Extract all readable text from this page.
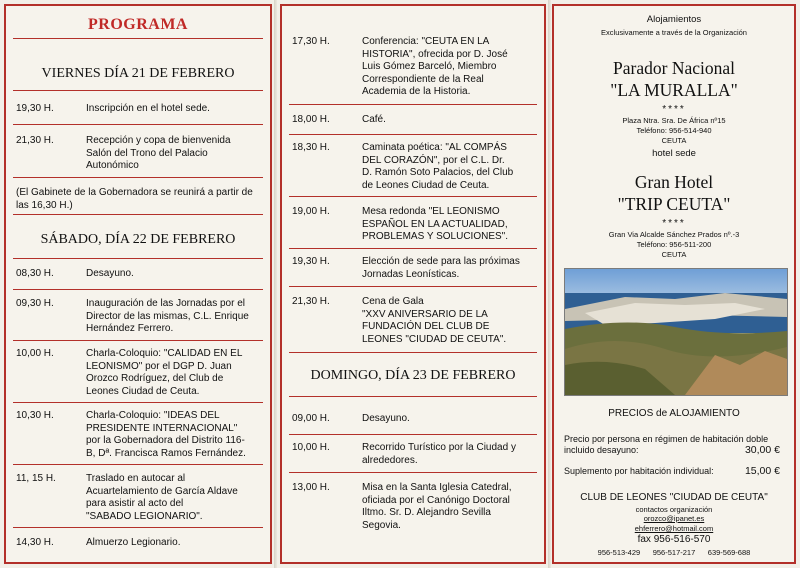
PROGRAMA
VIERNES DÍA 21 DE FEBRERO
19,30 H.	Inscripción en el hotel sede.
21,30 H.	Recepción y copa de bienvenida
Salón del Trono del Palacio
Autonómico
(El Gabinete de la Gobernadora se reunirá a partir de
las 16,30 H.)
SÁBADO, DÍA 22 DE FEBRERO
08,30 H.	Desayuno.
09,30 H.	Inauguración de las Jornadas por el
Director de las mismas, C.L. Enrique
Hernández Ferrero.
10,00 H.	Charla-Coloquio: "CALIDAD EN EL
LEONISMO" por el DGP D. Juan
Orozco Rodríguez, del Club de
Leones Ciudad de Ceuta.
10,30 H.	Charla-Coloquio: "IDEAS DEL
PRESIDENTE INTERNACIONAL"
por la Gobernadora del Distrito 116-
B, Dª. Francisca Ramos Fernández.
11, 15 H.	Traslado en autocar al
Acuartelamiento de García Aldave
para asistir al acto del
"SABADO LEGIONARIO".
14,30 H.	Almuerzo Legionario.
17,30 H.	Conferencia: "CEUTA EN LA
HISTORIA", ofrecida por D. José
Luis Gómez Barceló, Miembro
Correspondiente de la Real
Academia de la Historia.
18,00 H.	Café.
18,30 H.	Caminata poética: "AL COMPÁS
DEL CORAZÓN", por el C.L. Dr.
D. Ramón Soto Palacios, del Club
de Leones Ciudad de Ceuta.
19,00 H.	Mesa redonda "EL LEONISMO
ESPAÑOL EN LA ACTUALIDAD,
PROBLEMAS Y SOLUCIONES".
19,30 H.	Elección de sede para las próximas
Jornadas Leonísticas.
21,30 H.	Cena de Gala
"XXV ANIVERSARIO DE LA
FUNDACIÓN DEL CLUB DE
LEONES "CIUDAD DE CEUTA".
DOMINGO, DÍA 23 DE FEBRERO
09,00 H.	Desayuno.
10,00 H.	Recorrido Turístico por la Ciudad y
alrededores.
13,00 H.	Misa en la Santa Iglesia Catedral,
oficiada por el Canónigo Doctoral
Iltmo. Sr. D. Alejandro Sevilla
Segovia.
Alojamientos
Exclusivamente a través de la Organización
Parador Nacional
"LA MURALLA"
****
Plaza Ntra. Sra. De África nº15
Teléfono: 956-514-940
CEUTA
hotel sede
Gran Hotel
"TRIP CEUTA"
****
Gran Via Alcalde Sánchez Prados nº.-3
Teléfono: 956-511-200
CEUTA
PRECIOS de ALOJAMIENTO
Precio por persona en régimen de habitación doble
incluido desayuno:	30,00 €
Suplemento por habitación individual:	15,00 €
CLUB DE LEONES "CIUDAD DE CEUTA"
contactos organización
orozco@ipanet.es
ehferrero@hotmail.com
fax 956-516-570
956-513-429 956-517-217 639-569-688
